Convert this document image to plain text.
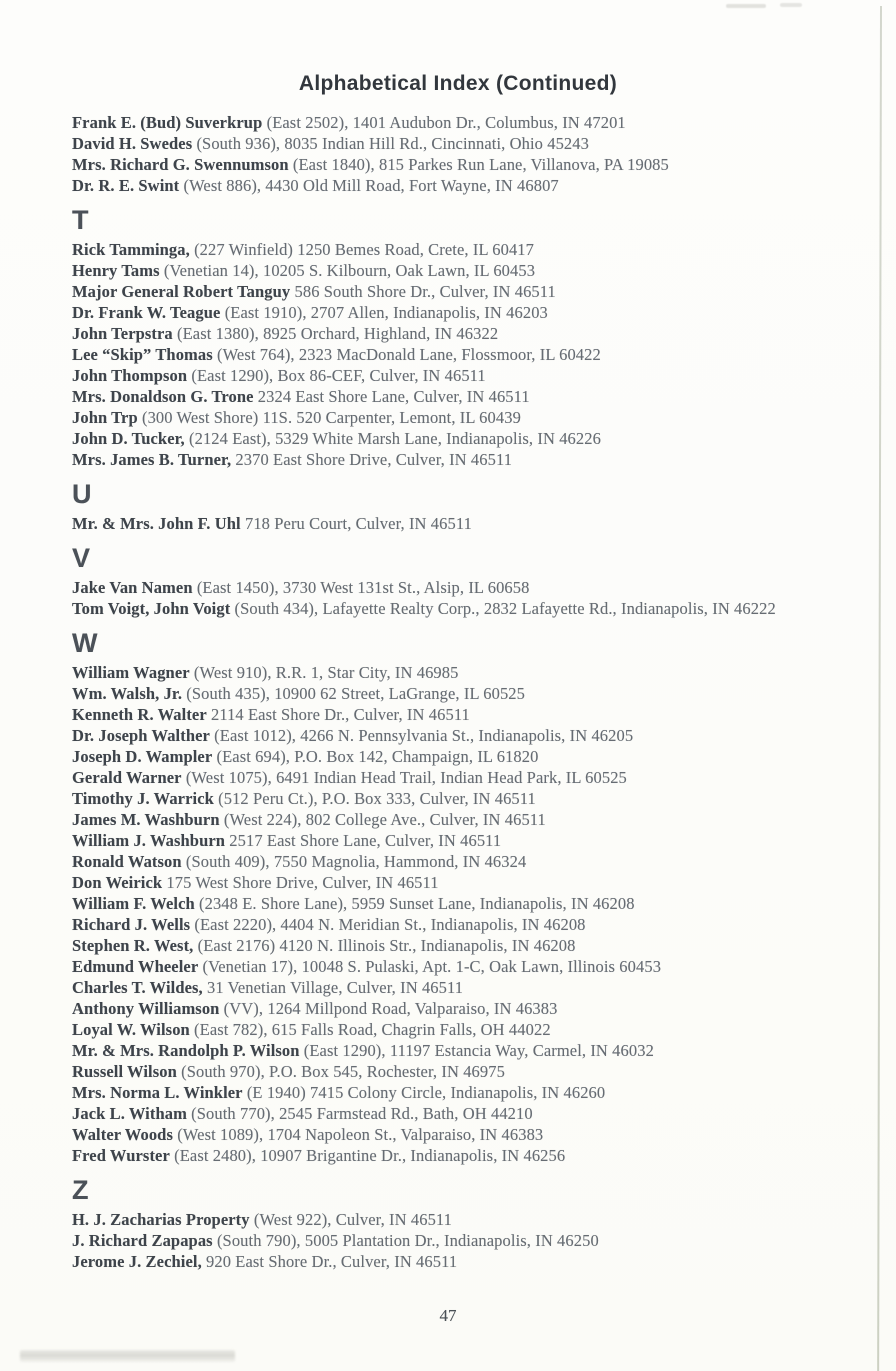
Alphabetical Index (Continued)
Frank E. (Bud) Suverkrup (East 2502), 1401 Audubon Dr., Columbus, IN 47201
David H. Swedes (South 936), 8035 Indian Hill Rd., Cincinnati, Ohio 45243
Mrs. Richard G. Swennumson (East 1840), 815 Parkes Run Lane, Villanova, PA 19085
Dr. R. E. Swint (West 886), 4430 Old Mill Road, Fort Wayne, IN 46807
T
Rick Tamminga, (227 Winfield) 1250 Bemes Road, Crete, IL 60417
Henry Tams (Venetian 14), 10205 S. Kilbourn, Oak Lawn, IL 60453
Major General Robert Tanguy 586 South Shore Dr., Culver, IN 46511
Dr. Frank W. Teague (East 1910), 2707 Allen, Indianapolis, IN 46203
John Terpstra (East 1380), 8925 Orchard, Highland, IN 46322
Lee “Skip” Thomas (West 764), 2323 MacDonald Lane, Flossmoor, IL 60422
John Thompson (East 1290), Box 86-CEF, Culver, IN 46511
Mrs. Donaldson G. Trone 2324 East Shore Lane, Culver, IN 46511
John Trp (300 West Shore) 11S. 520 Carpenter, Lemont, IL 60439
John D. Tucker, (2124 East), 5329 White Marsh Lane, Indianapolis, IN 46226
Mrs. James B. Turner, 2370 East Shore Drive, Culver, IN 46511
U
Mr. & Mrs. John F. Uhl 718 Peru Court, Culver, IN 46511
V
Jake Van Namen (East 1450), 3730 West 131st St., Alsip, IL 60658
Tom Voigt, John Voigt (South 434), Lafayette Realty Corp., 2832 Lafayette Rd., Indianapolis, IN 46222
W
William Wagner (West 910), R.R. 1, Star City, IN 46985
Wm. Walsh, Jr. (South 435), 10900 62 Street, LaGrange, IL 60525
Kenneth R. Walter 2114 East Shore Dr., Culver, IN 46511
Dr. Joseph Walther (East 1012), 4266 N. Pennsylvania St., Indianapolis, IN 46205
Joseph D. Wampler (East 694), P.O. Box 142, Champaign, IL 61820
Gerald Warner (West 1075), 6491 Indian Head Trail, Indian Head Park, IL 60525
Timothy J. Warrick (512 Peru Ct.), P.O. Box 333, Culver, IN 46511
James M. Washburn (West 224), 802 College Ave., Culver, IN 46511
William J. Washburn 2517 East Shore Lane, Culver, IN 46511
Ronald Watson (South 409), 7550 Magnolia, Hammond, IN 46324
Don Weirick 175 West Shore Drive, Culver, IN 46511
William F. Welch (2348 E. Shore Lane), 5959 Sunset Lane, Indianapolis, IN 46208
Richard J. Wells (East 2220), 4404 N. Meridian St., Indianapolis, IN 46208
Stephen R. West, (East 2176) 4120 N. Illinois Str., Indianapolis, IN 46208
Edmund Wheeler (Venetian 17), 10048 S. Pulaski, Apt. 1-C, Oak Lawn, Illinois 60453
Charles T. Wildes, 31 Venetian Village, Culver, IN 46511
Anthony Williamson (VV), 1264 Millpond Road, Valparaiso, IN 46383
Loyal W. Wilson (East 782), 615 Falls Road, Chagrin Falls, OH 44022
Mr. & Mrs. Randolph P. Wilson (East 1290), 11197 Estancia Way, Carmel, IN 46032
Russell Wilson (South 970), P.O. Box 545, Rochester, IN 46975
Mrs. Norma L. Winkler (E 1940) 7415 Colony Circle, Indianapolis, IN 46260
Jack L. Witham (South 770), 2545 Farmstead Rd., Bath, OH 44210
Walter Woods (West 1089), 1704 Napoleon St., Valparaiso, IN 46383
Fred Wurster (East 2480), 10907 Brigantine Dr., Indianapolis, IN 46256
Z
H. J. Zacharias Property (West 922), Culver, IN 46511
J. Richard Zapapas (South 790), 5005 Plantation Dr., Indianapolis, IN 46250
Jerome J. Zechiel, 920 East Shore Dr., Culver, IN 46511
47
